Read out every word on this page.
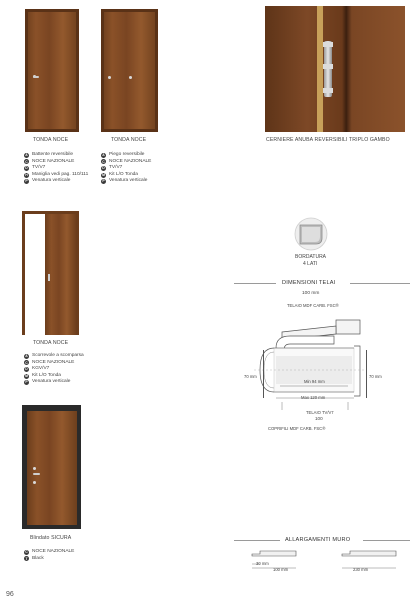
TONDA NOCE
A Battente reversibile
C NOCE NAZIONALE
D TV/V7
H Maniglia vedi pag. 110/111
P Venatura verticale
TONDA NOCE
A Piego reversibile
C NOCE NAZIONALE
D TV/V7
M Kit L/O Tonda
P Venatura verticale
CERNIERE ANUBA REVERSIBILI TRIPLO GAMBO
TONDA NOCE
A Scorrevole a scomparsa
C NOCE NAZIONALE
D KGV/V7
M Kit L/O Tonda
P Venatura verticale
Blindato SICURA
C NOCE NAZIONALE
T Black
BORDATURA
4 LATI
DIMENSIONI TELAI
100 mm
TELAIO MDF CARB. FSC®
70 mm	70 mm
Min 94 mm
Max 120 mm
TELAIO TV/V7
100
COPRIFILI MDF CARB. FSC®
ALLARGAMENTI MURO
30 mm
100 mm	230 mm
96
